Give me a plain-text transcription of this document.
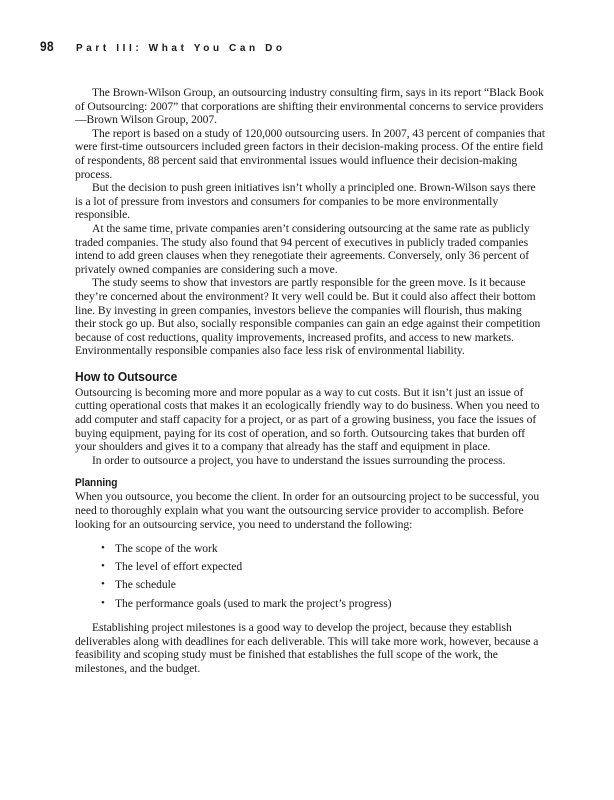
98	Part III: What You Can Do

The Brown-Wilson Group, an outsourcing industry consulting firm, says in its report “Black Book of Outsourcing: 2007” that corporations are shifting their environmental concerns to service providers—Brown Wilson Group, 2007.

The report is based on a study of 120,000 outsourcing users. In 2007, 43 percent of companies that were first-time outsourcers included green factors in their decision-making process. Of the entire field of respondents, 88 percent said that environmental issues would influence their decision-making process.

But the decision to push green initiatives isn’t wholly a principled one. Brown-Wilson says there is a lot of pressure from investors and consumers for companies to be more environmentally responsible.

At the same time, private companies aren’t considering outsourcing at the same rate as publicly traded companies. The study also found that 94 percent of executives in publicly traded companies intend to add green clauses when they renegotiate their agreements. Conversely, only 36 percent of privately owned companies are considering such a move.

The study seems to show that investors are partly responsible for the green move. Is it because they’re concerned about the environment? It very well could be. But it could also affect their bottom line. By investing in green companies, investors believe the companies will flourish, thus making their stock go up. But also, socially responsible companies can gain an edge against their competition because of cost reductions, quality improvements, increased profits, and access to new markets. Environmentally responsible companies also face less risk of environmental liability.

How to Outsource

Outsourcing is becoming more and more popular as a way to cut costs. But it isn’t just an issue of cutting operational costs that makes it an ecologically friendly way to do business. When you need to add computer and staff capacity for a project, or as part of a growing business, you face the issues of buying equipment, paying for its cost of operation, and so forth. Outsourcing takes that burden off your shoulders and gives it to a company that already has the staff and equipment in place.

In order to outsource a project, you have to understand the issues surrounding the process.

Planning

When you outsource, you become the client. In order for an outsourcing project to be successful, you need to thoroughly explain what you want the outsourcing service provider to accomplish. Before looking for an outsourcing service, you need to understand the following:

• The scope of the work
• The level of effort expected
• The schedule
• The performance goals (used to mark the project’s progress)

Establishing project milestones is a good way to develop the project, because they establish deliverables along with deadlines for each deliverable. This will take more work, however, because a feasibility and scoping study must be finished that establishes the full scope of the work, the milestones, and the budget.
